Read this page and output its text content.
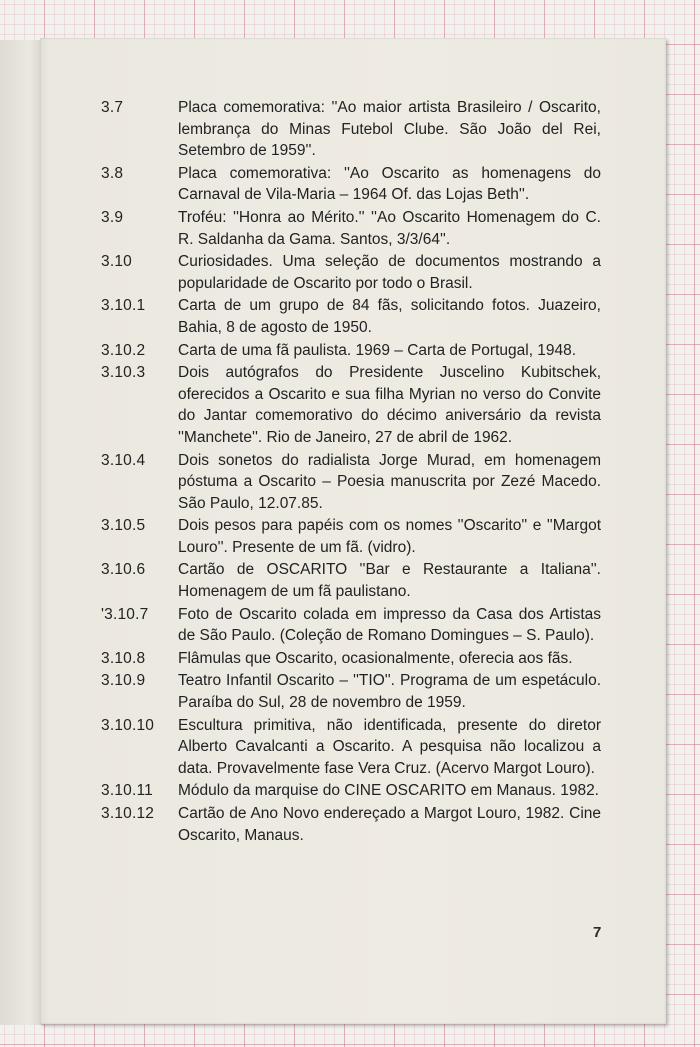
3.7	Placa comemorativa: ''Ao maior artista Brasileiro / Oscarito, lembrança do Minas Futebol Clube. São João del Rei, Setembro de 1959''.
3.8	Placa comemorativa: ''Ao Oscarito as homenagens do Carnaval de Vila-Maria – 1964 Of. das Lojas Beth''.
3.9	Troféu: ''Honra ao Mérito.'' ''Ao Oscarito Homenagem do C. R. Saldanha da Gama. Santos, 3/3/64''.
3.10	Curiosidades. Uma seleção de documentos mostrando a popularidade de Oscarito por todo o Brasil.
3.10.1	Carta de um grupo de 84 fãs, solicitando fotos. Juazeiro, Bahia, 8 de agosto de 1950.
3.10.2	Carta de uma fã paulista. 1969 – Carta de Portugal, 1948.
3.10.3	Dois autógrafos do Presidente Juscelino Kubitschek, oferecidos a Oscarito e sua filha Myrian no verso do Convite do Jantar comemorativo do décimo aniversário da revista ''Manchete''. Rio de Janeiro, 27 de abril de 1962.
3.10.4	Dois sonetos do radialista Jorge Murad, em homenagem póstuma a Oscarito – Poesia manuscrita por Zezé Macedo. São Paulo, 12.07.85.
3.10.5	Dois pesos para papéis com os nomes ''Oscarito'' e ''Margot Louro''. Presente de um fã. (vidro).
3.10.6	Cartão de OSCARITO ''Bar e Restaurante a Italiana''. Homenagem de um fã paulistano.
'3.10.7	Foto de Oscarito colada em impresso da Casa dos Artistas de São Paulo. (Coleção de Romano Domingues – S. Paulo).
3.10.8	Flâmulas que Oscarito, ocasionalmente, oferecia aos fãs.
3.10.9	Teatro Infantil Oscarito – ''TIO''. Programa de um espetáculo. Paraíba do Sul, 28 de novembro de 1959.
3.10.10	Escultura primitiva, não identificada, presente do diretor Alberto Cavalcanti a Oscarito. A pesquisa não localizou a data. Provavelmente fase Vera Cruz. (Acervo Margot Louro).
3.10.11	Módulo da marquise do CINE OSCARITO em Manaus. 1982.
3.10.12	Cartão de Ano Novo endereçado a Margot Louro, 1982. Cine Oscarito, Manaus.
7
